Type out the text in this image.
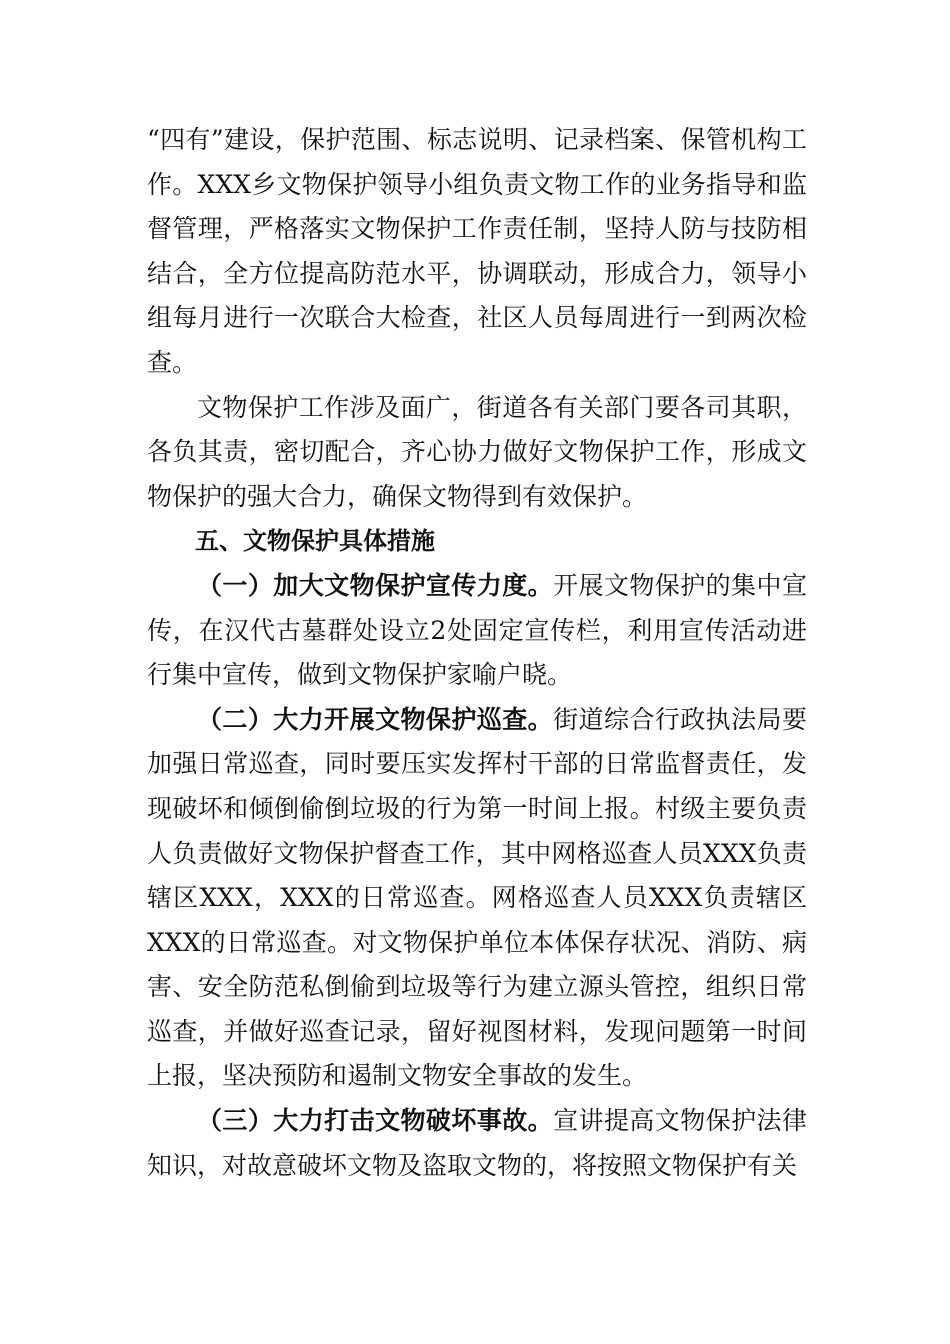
“四有”建设，保护范围、标志说明、记录档案、保管机构工作。XXX乡文物保护领导小组负责文物工作的业务指导和监督管理，严格落实文物保护工作责任制，坚持人防与技防相结合，全方位提高防范水平，协调联动，形成合力，领导小组每月进行一次联合大检查，社区人员每周进行一到两次检查。

文物保护工作涉及面广，街道各有关部门要各司其职，各负其责，密切配合，齐心协力做好文物保护工作，形成文物保护的强大合力，确保文物得到有效保护。

五、文物保护具体措施

（一）加大文物保护宣传力度。开展文物保护的集中宣传，在汉代古墓群处设立2处固定宣传栏，利用宣传活动进行集中宣传，做到文物保护家喻户晓。

（二）大力开展文物保护巡查。街道综合行政执法局要加强日常巡查，同时要压实发挥村干部的日常监督责任，发现破坏和倾倒偷倒垃圾的行为第一时间上报。村级主要负责人负责做好文物保护督查工作，其中网格巡查人员XXX负责辖区XXX，XXX的日常巡查。网格巡查人员XXX负责辖区XXX的日常巡查。对文物保护单位本体保存状况、消防、病害、安全防范私倒偷到垃圾等行为建立源头管控，组织日常巡查，并做好巡查记录，留好视图材料，发现问题第一时间上报，坚决预防和遏制文物安全事故的发生。

（三）大力打击文物破坏事故。宣讲提高文物保护法律知识，对故意破坏文物及盗取文物的，将按照文物保护有关
